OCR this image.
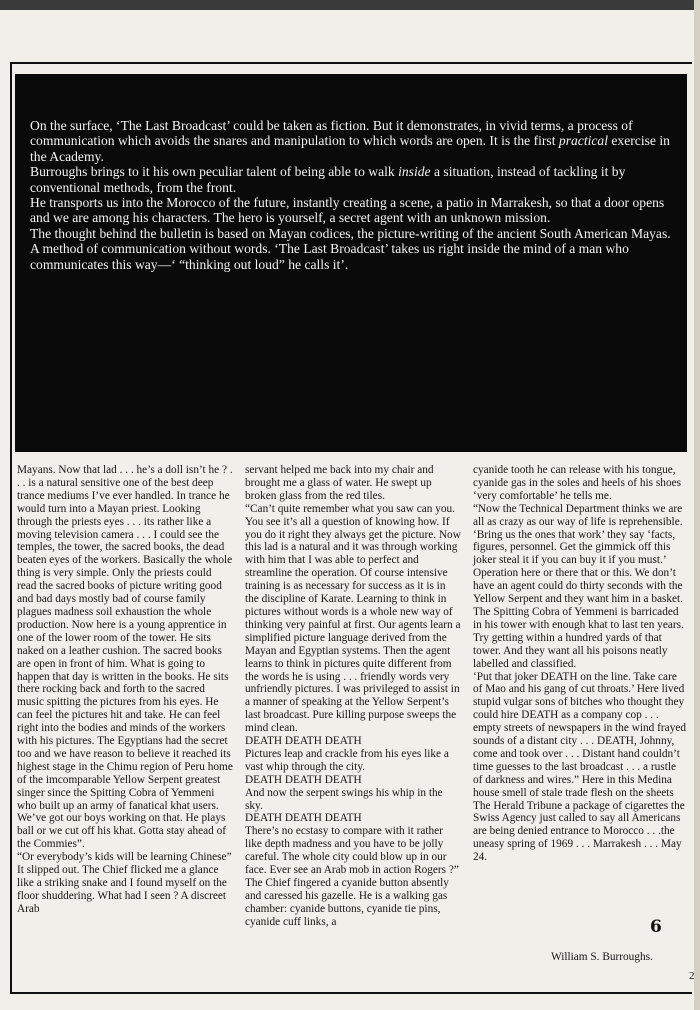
On the surface, ‘The Last Broadcast’ could be taken as fiction. But it demonstrates, in vivid terms, a process of communication which avoids the snares and manipulation to which words are open. It is the first practical exercise in the Academy.

Burroughs brings to it his own peculiar talent of being able to walk inside a situation, instead of tackling it by conventional methods, from the front.

He transports us into the Morocco of the future, instantly creating a scene, a patio in Marrakesh, so that a door opens and we are among his characters. The hero is yourself, a secret agent with an unknown mission.

The thought behind the bulletin is based on Mayan codices, the picture-writing of the ancient South American Mayas. A method of communication without words. ‘The Last Broadcast’ takes us right inside the mind of a man who communicates this way—‘ “thinking out loud” he calls it’.

Mayans. Now that lad . . . he’s a doll isn’t he ? . . . is a natural sensitive one of the best deep trance mediums I’ve ever handled. In trance he would turn into a Mayan priest. Looking through the priests eyes . . . its rather like a moving television camera . . . I could see the temples, the tower, the sacred books, the dead beaten eyes of the workers. Basically the whole thing is very simple. Only the priests could read the sacred books of picture writing good and bad days mostly bad of course family plagues madness soil exhaustion the whole production. Now here is a young apprentice in one of the lower room of the tower. He sits naked on a leather cushion. The sacred books are open in front of him. What is going to happen that day is written in the books. He sits there rocking back and forth to the sacred music spitting the pictures from his eyes. He can feel the pictures hit and take. He can feel right into the bodies and minds of the workers with his pictures. The Egyptians had the secret too and we have reason to believe it reached its highest stage in the Chimu region of Peru home of the imcomparable Yellow Serpent greatest singer since the Spitting Cobra of Yemmeni who built up an army of fanatical khat users. We’ve got our boys working on that. He plays ball or we cut off his khat. Gotta stay ahead of the Commies”.

“Or everybody’s kids will be learning Chinese” It slipped out. The Chief flicked me a glance like a striking snake and I found myself on the floor shuddering. What had I seen ? A discreet Arab

servant helped me back into my chair and brought me a glass of water. He swept up broken glass from the red tiles.

“Can’t quite remember what you saw can you. You see it’s all a question of knowing how. If you do it right they always get the picture. Now this lad is a natural and it was through working with him that I was able to perfect and streamline the operation. Of course intensive training is as necessary for success as it is in the discipline of Karate. Learning to think in pictures without words is a whole new way of thinking very painful at first. Our agents learn a simplified picture language derived from the Mayan and Egyptian systems. Then the agent learns to think in pictures quite different from the words he is using . . . friendly words very unfriendly pictures. I was privileged to assist in a manner of speaking at the Yellow Serpent’s last broadcast. Pure killing purpose sweeps the mind clean.

DEATH DEATH DEATH

Pictures leap and crackle from his eyes like a vast whip through the city.

DEATH DEATH DEATH

And now the serpent swings his whip in the sky.

DEATH DEATH DEATH

There’s no ecstasy to compare with it rather like depth madness and you have to be jolly careful. The whole city could blow up in our face. Ever see an Arab mob in action Rogers ?”

The Chief fingered a cyanide button absently and caressed his gazelle. He is a walking gas chamber: cyanide buttons, cyanide tie pins, cyanide cuff links, a

cyanide tooth he can release with his tongue, cyanide gas in the soles and heels of his shoes ‘very comfortable’ he tells me.

“Now the Technical Department thinks we are all as crazy as our way of life is reprehensible.

‘Bring us the ones that work’ they say ‘facts, figures, personnel. Get the gimmick off this joker steal it if you can buy it if you must.’

Operation here or there that or this. We don’t have an agent could do thirty seconds with the Yellow Serpent and they want him in a basket. The Spitting Cobra of Yemmeni is barricaded in his tower with enough khat to last ten years. Try getting within a hundred yards of that tower. And they want all his poisons neatly labelled and classified.

‘Put that joker DEATH on the line. Take care of Mao and his gang of cut throats.’ Here lived stupid vulgar sons of bitches who thought they could hire DEATH as a company cop . . . empty streets of newspapers in the wind frayed sounds of a distant city . . . DEATH, Johnny, come and took over . . . Distant hand couldn’t time guesses to the last broadcast . . . a rustle of darkness and wires.” Here in this Medina house smell of stale trade flesh on the sheets The Herald Tribune a package of cigarettes the Swiss Agency just called to say all Americans are being denied entrance to Morocco . . .the uneasy spring of 1969 . . . Marrakesh . . . May 24.

6
William S. Burroughs.
2
